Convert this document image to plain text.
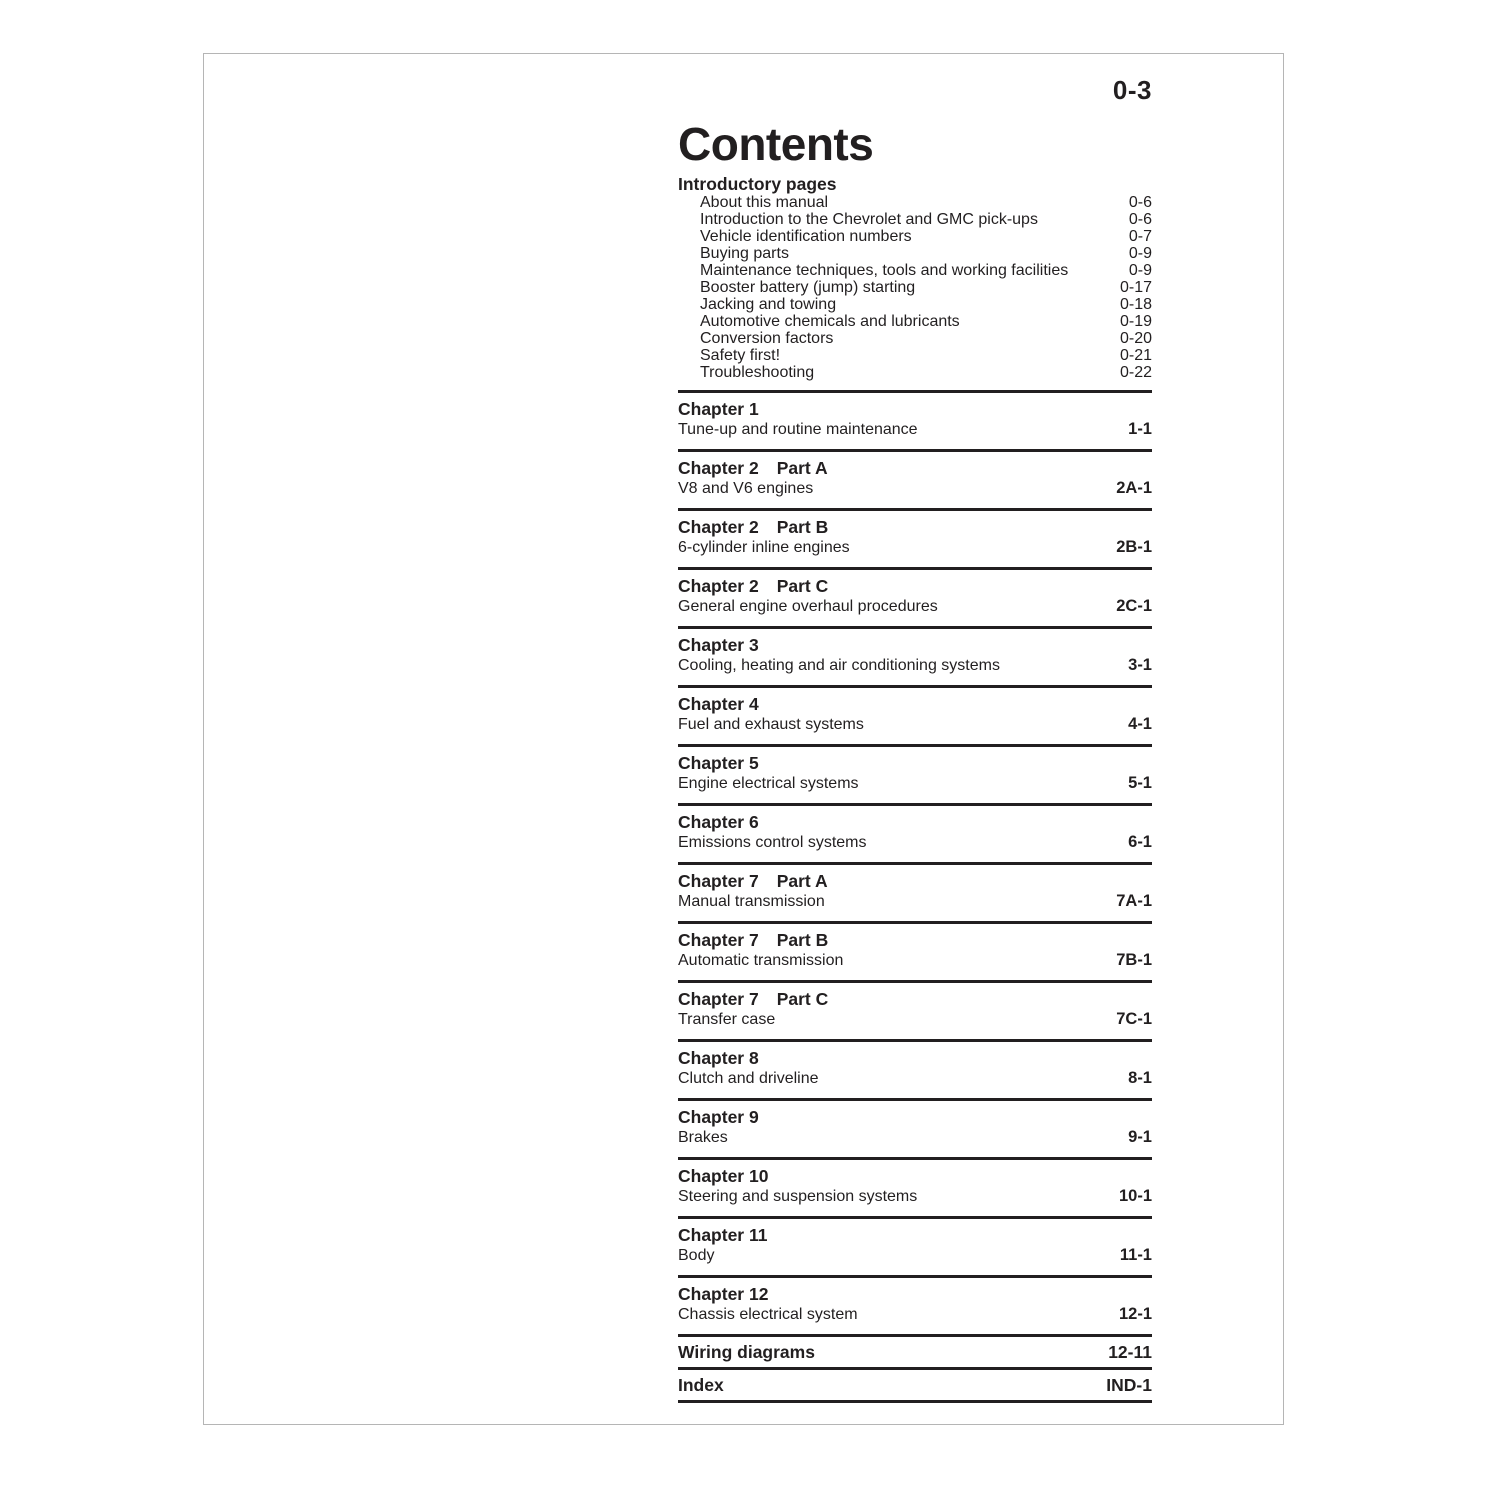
0-3
Contents
Introductory pages
About this manual	0-6
Introduction to the Chevrolet and GMC pick-ups	0-6
Vehicle identification numbers	0-7
Buying parts	0-9
Maintenance techniques, tools and working facilities	0-9
Booster battery (jump) starting	0-17
Jacking and towing	0-18
Automotive chemicals and lubricants	0-19
Conversion factors	0-20
Safety first!	0-21
Troubleshooting	0-22
Chapter 1
Tune-up and routine maintenance	1-1
Chapter 2 Part A
V8 and V6 engines	2A-1
Chapter 2 Part B
6-cylinder inline engines	2B-1
Chapter 2 Part C
General engine overhaul procedures	2C-1
Chapter 3
Cooling, heating and air conditioning systems	3-1
Chapter 4
Fuel and exhaust systems	4-1
Chapter 5
Engine electrical systems	5-1
Chapter 6
Emissions control systems	6-1
Chapter 7 Part A
Manual transmission	7A-1
Chapter 7 Part B
Automatic transmission	7B-1
Chapter 7 Part C
Transfer case	7C-1
Chapter 8
Clutch and driveline	8-1
Chapter 9
Brakes	9-1
Chapter 10
Steering and suspension systems	10-1
Chapter 11
Body	11-1
Chapter 12
Chassis electrical system	12-1
Wiring diagrams	12-11
Index	IND-1
